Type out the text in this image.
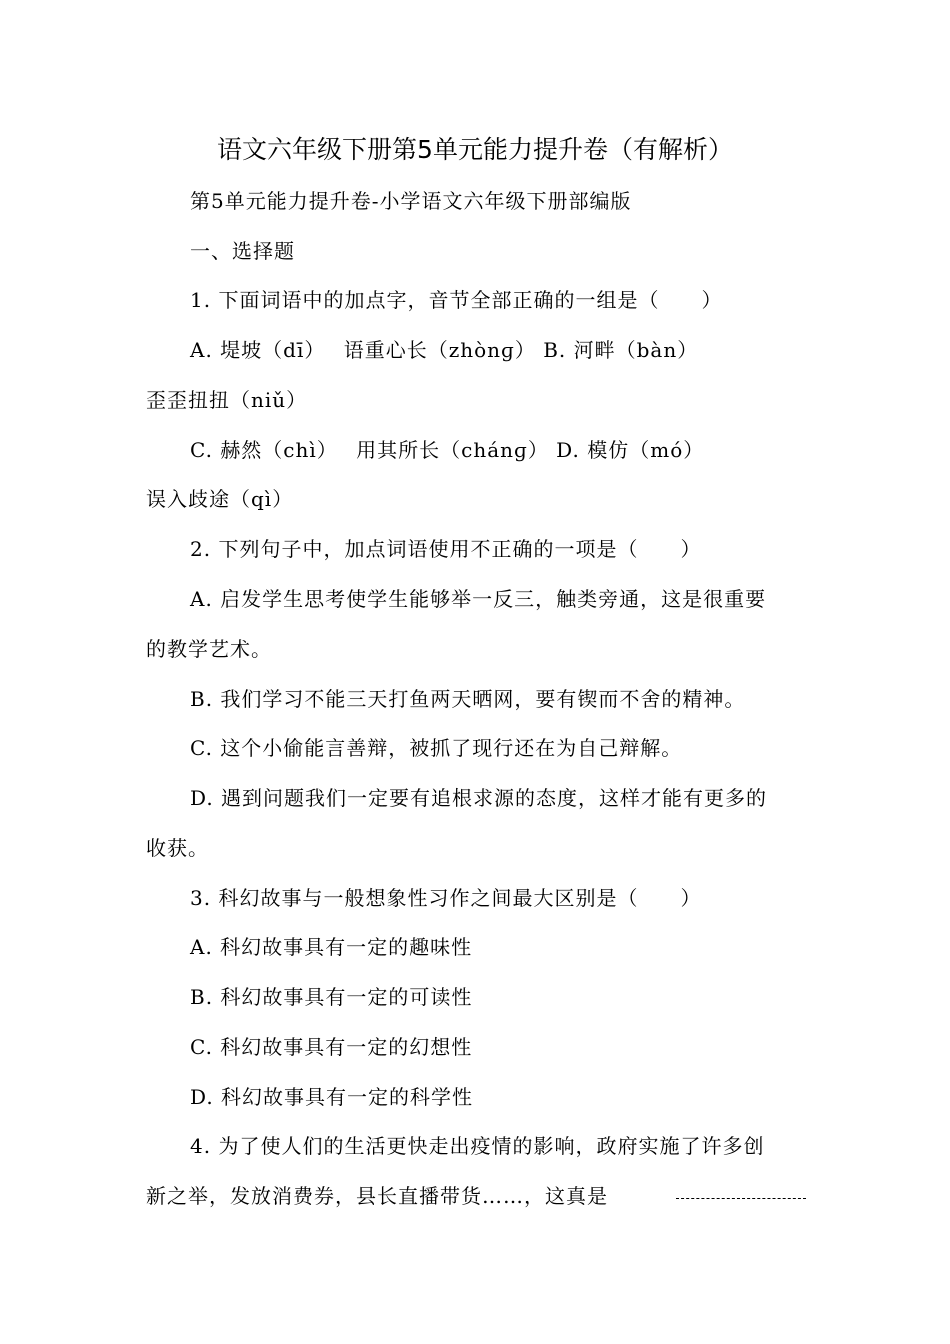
语文六年级下册第5单元能力提升卷（有解析）
第5单元能力提升卷-小学语文六年级下册部编版
一、选择题
1. 下面词语中的加点字，音节全部正确的一组是（　　）
A. 堤坡（dī）　 语重心长（zhònɡ） B. 河畔（bàn）
歪歪扭扭（niǔ）
C. 赫然（chì）　 用其所长（chánɡ） D. 模仿（mó）
误入歧途（qì）
2. 下列句子中，加点词语使用不正确的一项是（　　）
A. 启发学生思考使学生能够举一反三，触类旁通，这是很重要
的教学艺术。
B. 我们学习不能三天打鱼两天晒网，要有锲而不舍的精神。
C. 这个小偷能言善辩，被抓了现行还在为自己辩解。
D. 遇到问题我们一定要有追根求源的态度，这样才能有更多的
收获。
3. 科幻故事与一般想象性习作之间最大区别是（　　）
A. 科幻故事具有一定的趣味性
B. 科幻故事具有一定的可读性
C. 科幻故事具有一定的幻想性
D. 科幻故事具有一定的科学性
4. 为了使人们的生活更快走出疫情的影响，政府实施了许多创
新之举，发放消费券，县长直播带货……，这真是
